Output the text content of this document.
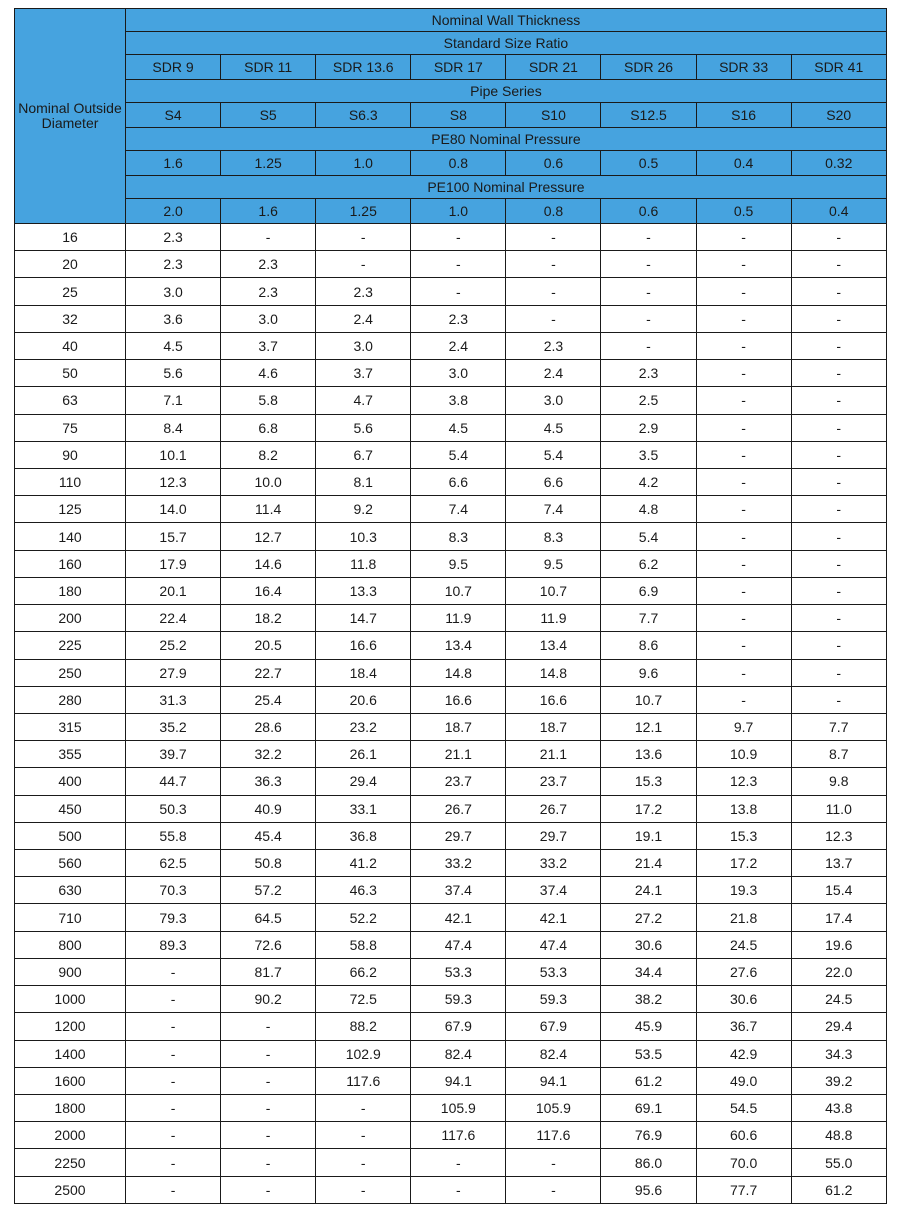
Nominal Outside Diameter	Nominal Wall Thickness							
	Standard Size Ratio							
	SDR 9	SDR 11	SDR 13.6	SDR 17	SDR 21	SDR 26	SDR 33	SDR 41
	Pipe Series							
	S4	S5	S6.3	S8	S10	S12.5	S16	S20
	PE80 Nominal Pressure							
	1.6	1.25	1.0	0.8	0.6	0.5	0.4	0.32
	PE100 Nominal Pressure							
	2.0	1.6	1.25	1.0	0.8	0.6	0.5	0.4
16	2.3	-	-	-	-	-	-	-
20	2.3	2.3	-	-	-	-	-	-
25	3.0	2.3	2.3	-	-	-	-	-
32	3.6	3.0	2.4	2.3	-	-	-	-
40	4.5	3.7	3.0	2.4	2.3	-	-	-
50	5.6	4.6	3.7	3.0	2.4	2.3	-	-
63	7.1	5.8	4.7	3.8	3.0	2.5	-	-
75	8.4	6.8	5.6	4.5	4.5	2.9	-	-
90	10.1	8.2	6.7	5.4	5.4	3.5	-	-
110	12.3	10.0	8.1	6.6	6.6	4.2	-	-
125	14.0	11.4	9.2	7.4	7.4	4.8	-	-
140	15.7	12.7	10.3	8.3	8.3	5.4	-	-
160	17.9	14.6	11.8	9.5	9.5	6.2	-	-
180	20.1	16.4	13.3	10.7	10.7	6.9	-	-
200	22.4	18.2	14.7	11.9	11.9	7.7	-	-
225	25.2	20.5	16.6	13.4	13.4	8.6	-	-
250	27.9	22.7	18.4	14.8	14.8	9.6	-	-
280	31.3	25.4	20.6	16.6	16.6	10.7	-	-
315	35.2	28.6	23.2	18.7	18.7	12.1	9.7	7.7
355	39.7	32.2	26.1	21.1	21.1	13.6	10.9	8.7
400	44.7	36.3	29.4	23.7	23.7	15.3	12.3	9.8
450	50.3	40.9	33.1	26.7	26.7	17.2	13.8	11.0
500	55.8	45.4	36.8	29.7	29.7	19.1	15.3	12.3
560	62.5	50.8	41.2	33.2	33.2	21.4	17.2	13.7
630	70.3	57.2	46.3	37.4	37.4	24.1	19.3	15.4
710	79.3	64.5	52.2	42.1	42.1	27.2	21.8	17.4
800	89.3	72.6	58.8	47.4	47.4	30.6	24.5	19.6
900	-	81.7	66.2	53.3	53.3	34.4	27.6	22.0
1000	-	90.2	72.5	59.3	59.3	38.2	30.6	24.5
1200	-	-	88.2	67.9	67.9	45.9	36.7	29.4
1400	-	-	102.9	82.4	82.4	53.5	42.9	34.3
1600	-	-	117.6	94.1	94.1	61.2	49.0	39.2
1800	-	-	-	105.9	105.9	69.1	54.5	43.8
2000	-	-	-	117.6	117.6	76.9	60.6	48.8
2250	-	-	-	-	-	86.0	70.0	55.0
2500	-	-	-	-	-	95.6	77.7	61.2
